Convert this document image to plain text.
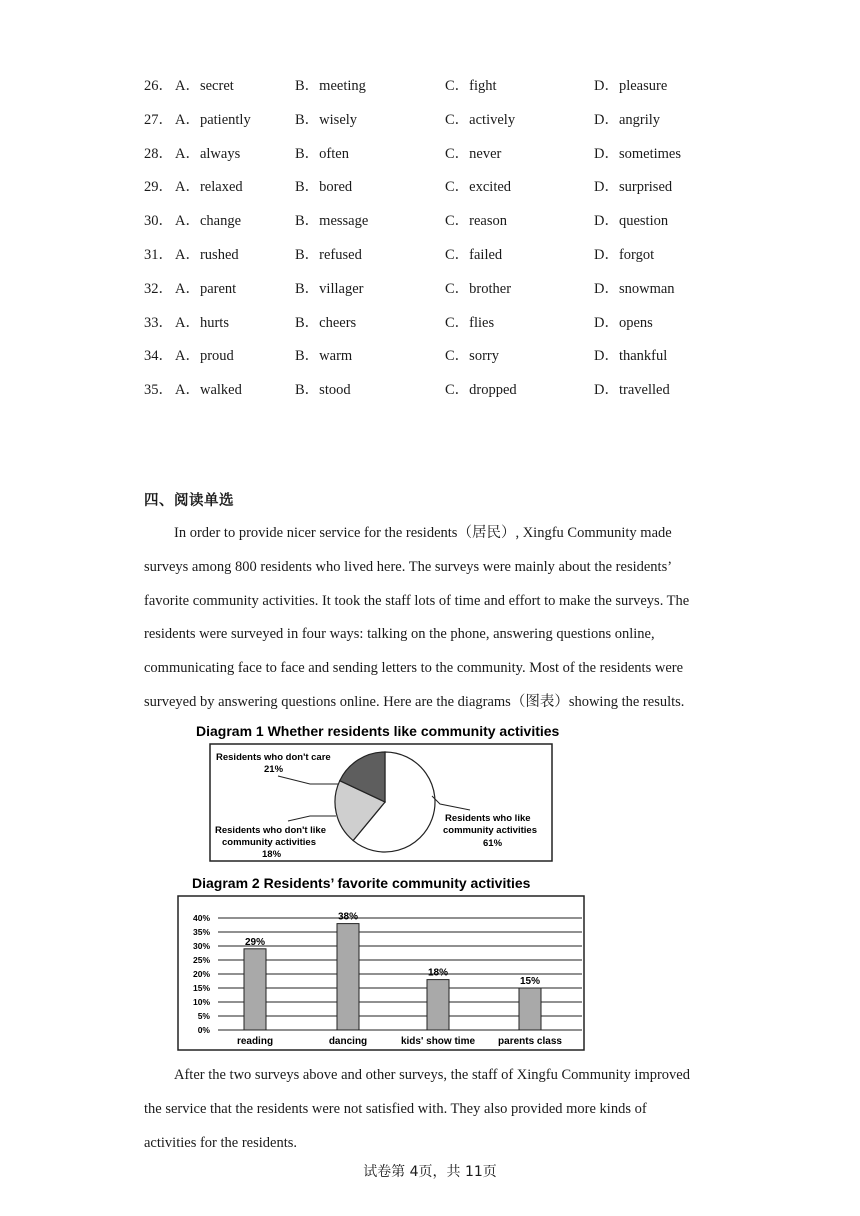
26． A．secret	B．meeting	C．fight	D．pleasure
27． A．patiently	B．wisely	C．actively	D．angrily
28． A．always	B．often	C．never	D．sometimes
29． A．relaxed	B．bored	C．excited	D．surprised
30． A．change	B．message	C．reason	D．question
31． A．rushed	B．refused	C．failed	D．forgot
32． A．parent	B．villager	C．brother	D．snowman
33． A．hurts	B．cheers	C．flies	D．opens
34． A．proud	B．warm	C．sorry	D．thankful
35． A．walked	B．stood	C．dropped	D．travelled
四、阅读单选
In order to provide nicer service for the residents（居民）, Xingfu Community made
surveys among 800 residents who lived here. The surveys were mainly about the residents’
favorite community activities. It took the staff lots of time and effort to make the surveys. The
residents were surveyed in four ways: talking on the phone, answering questions online,
communicating face to face and sending letters to the community. Most of the residents were
surveyed by answering questions online. Here are the diagrams（图表）showing the results.
Diagram 1 Whether residents like community activities
Residents who don't care
21%
Residents who don't like
community activities
18%
Residents who like
community activities
61%
Diagram 2 Residents’ favorite community activities
0%
5%
10%
15%
20%
25%
30%
35%
40%
29%
reading
38%
dancing
18%
kids' show time
15%
parents class
After the two surveys above and other surveys, the staff of Xingfu Community improved
the service that the residents were not satisfied with. They also provided more kinds of
activities for the residents.
试卷第 4页，共 11页
